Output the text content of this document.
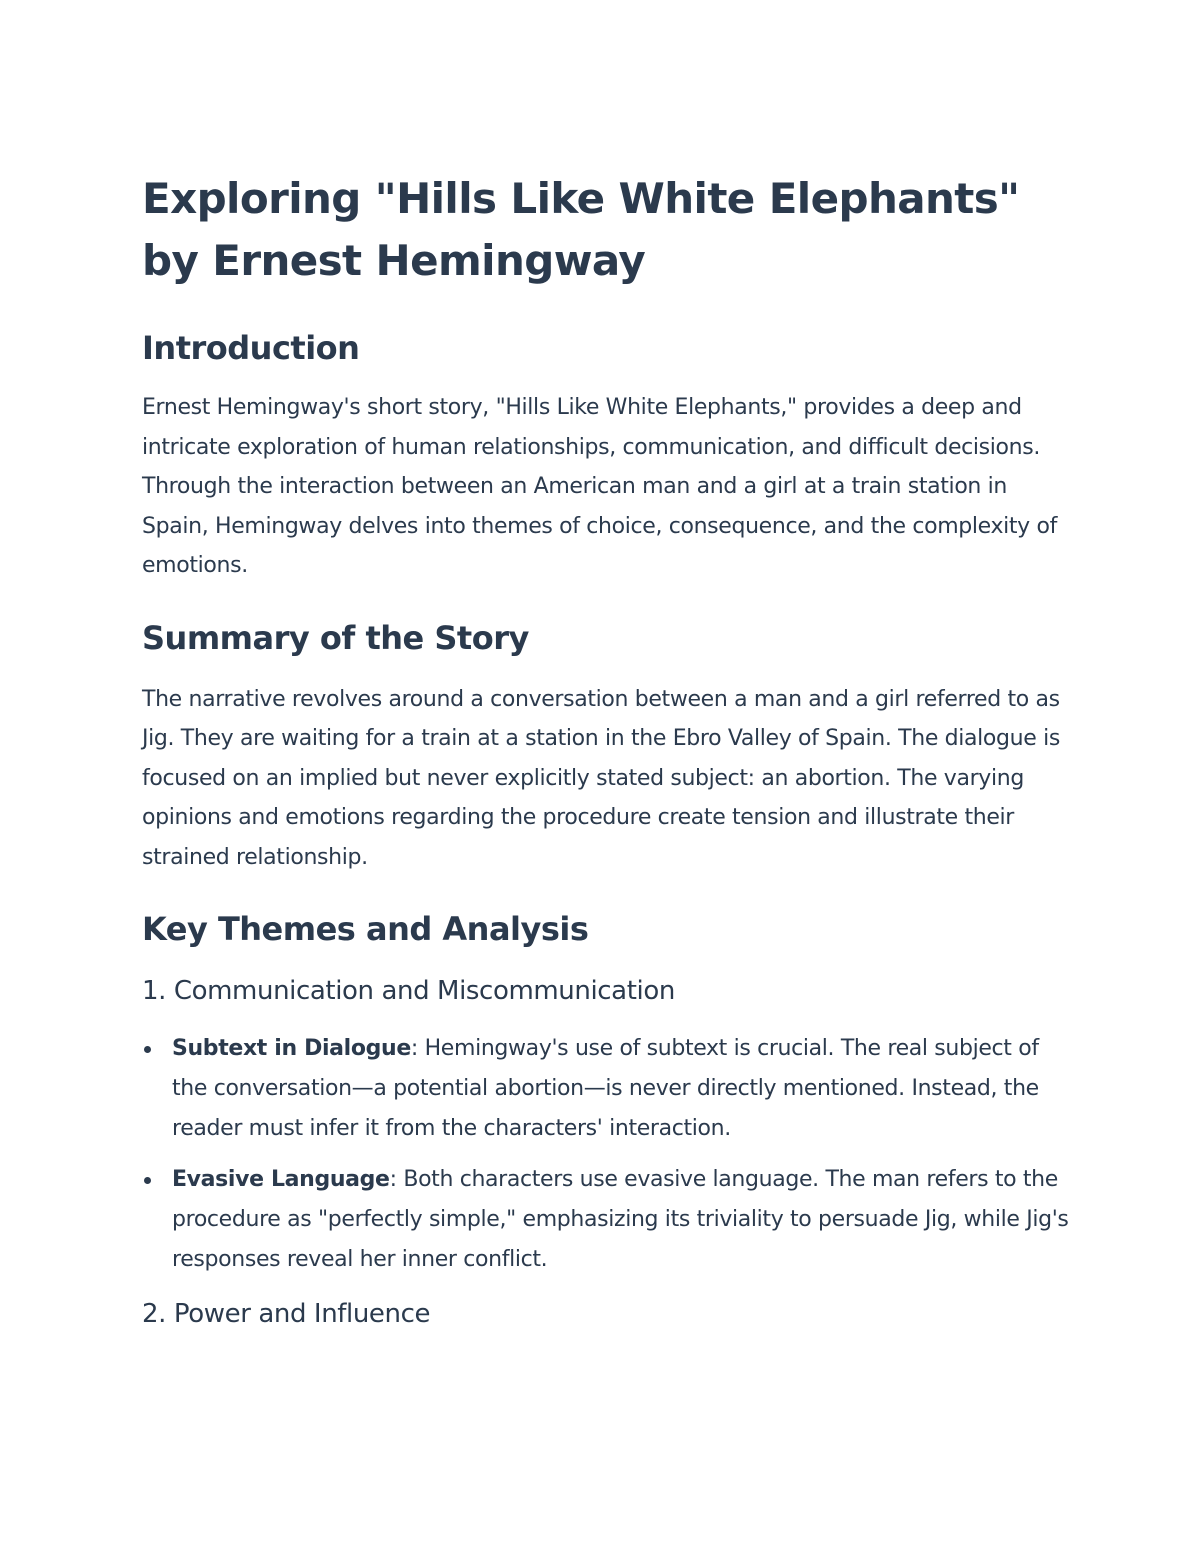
Exploring "Hills Like White Elephants"
by Ernest Hemingway
Introduction

Ernest Hemingway's short story, "Hills Like White Elephants," provides a deep and intricate exploration of human relationships, communication, and difficult decisions. Through the interaction between an American man and a girl at a train station in Spain, Hemingway delves into themes of choice, consequence, and the complexity of emotions.

Summary of the Story

The narrative revolves around a conversation between a man and a girl referred to as Jig. They are waiting for a train at a station in the Ebro Valley of Spain. The dialogue is focused on an implied but never explicitly stated subject: an abortion. The varying opinions and emotions regarding the procedure create tension and illustrate their strained relationship.

Key Themes and Analysis
1. Communication and Miscommunication
Subtext in Dialogue: Hemingway's use of subtext is crucial. The real subject of the conversation—a potential abortion—is never directly mentioned. Instead, the reader must infer it from the characters' interaction.
Evasive Language: Both characters use evasive language. The man refers to the procedure as "perfectly simple," emphasizing its triviality to persuade Jig, while Jig's responses reveal her inner conflict.
2. Power and Influence
